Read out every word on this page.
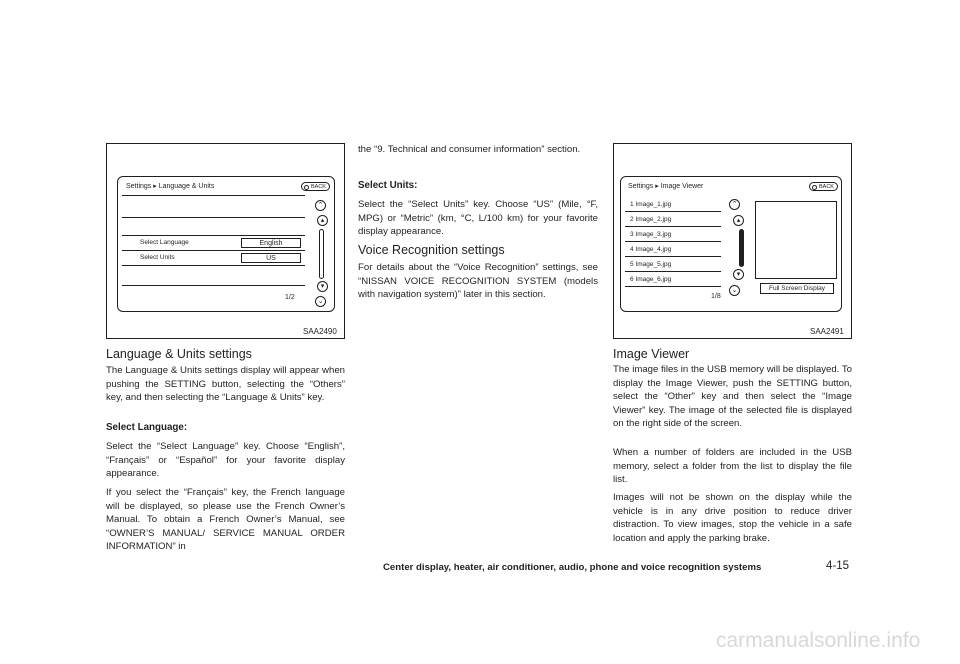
Settings ▸ Language & Units	BACK
Select Language	English
Select Units	US
⌃
▴
▾
⌄
1/2
SAA2490
Language & Units settings

The Language & Units settings display will appear when pushing the SETTING button, selecting the “Others” key, and then selecting the “Language & Units” key.

Select Language:

Select the “Select Language” key. Choose “English”, “Français” or “Español” for your favorite display appearance.

If you select the “Français” key, the French language will be displayed, so please use the French Owner’s Manual. To obtain a French Owner’s Manual, see “OWNER’S MANUAL/ SERVICE MANUAL ORDER INFORMATION” in

the “9. Technical and consumer information” section.

Select Units:

Select the “Select Units” key. Choose “US” (Mile, °F, MPG) or “Metric” (km, °C, L/100 km) for your favorite display appearance.

Voice Recognition settings

For details about the “Voice Recognition” settings, see “NISSAN VOICE RECOGNITION SYSTEM (models with navigation system)” later in this section.

Settings ▸ Image Viewer	BACK
1 Image_1.jpg
2 Image_2.jpg
3 Image_3.jpg
4 Image_4.jpg
5 Image_5.jpg
6 Image_6.jpg
⌃
▴
▾
⌄
1/8
Full Screen Display
SAA2491
Image Viewer

The image files in the USB memory will be displayed. To display the Image Viewer, push the SETTING button, select the “Other” key and then select the “Image Viewer” key. The image of the selected file is displayed on the right side of the screen.

When a number of folders are included in the USB memory, select a folder from the list to display the file list.

Images will not be shown on the display while the vehicle is in any drive position to reduce driver distraction. To view images, stop the vehicle in a safe location and apply the parking brake.

Center display, heater, air conditioner, audio, phone and voice recognition systems	4-15
carmanualsonline.info
